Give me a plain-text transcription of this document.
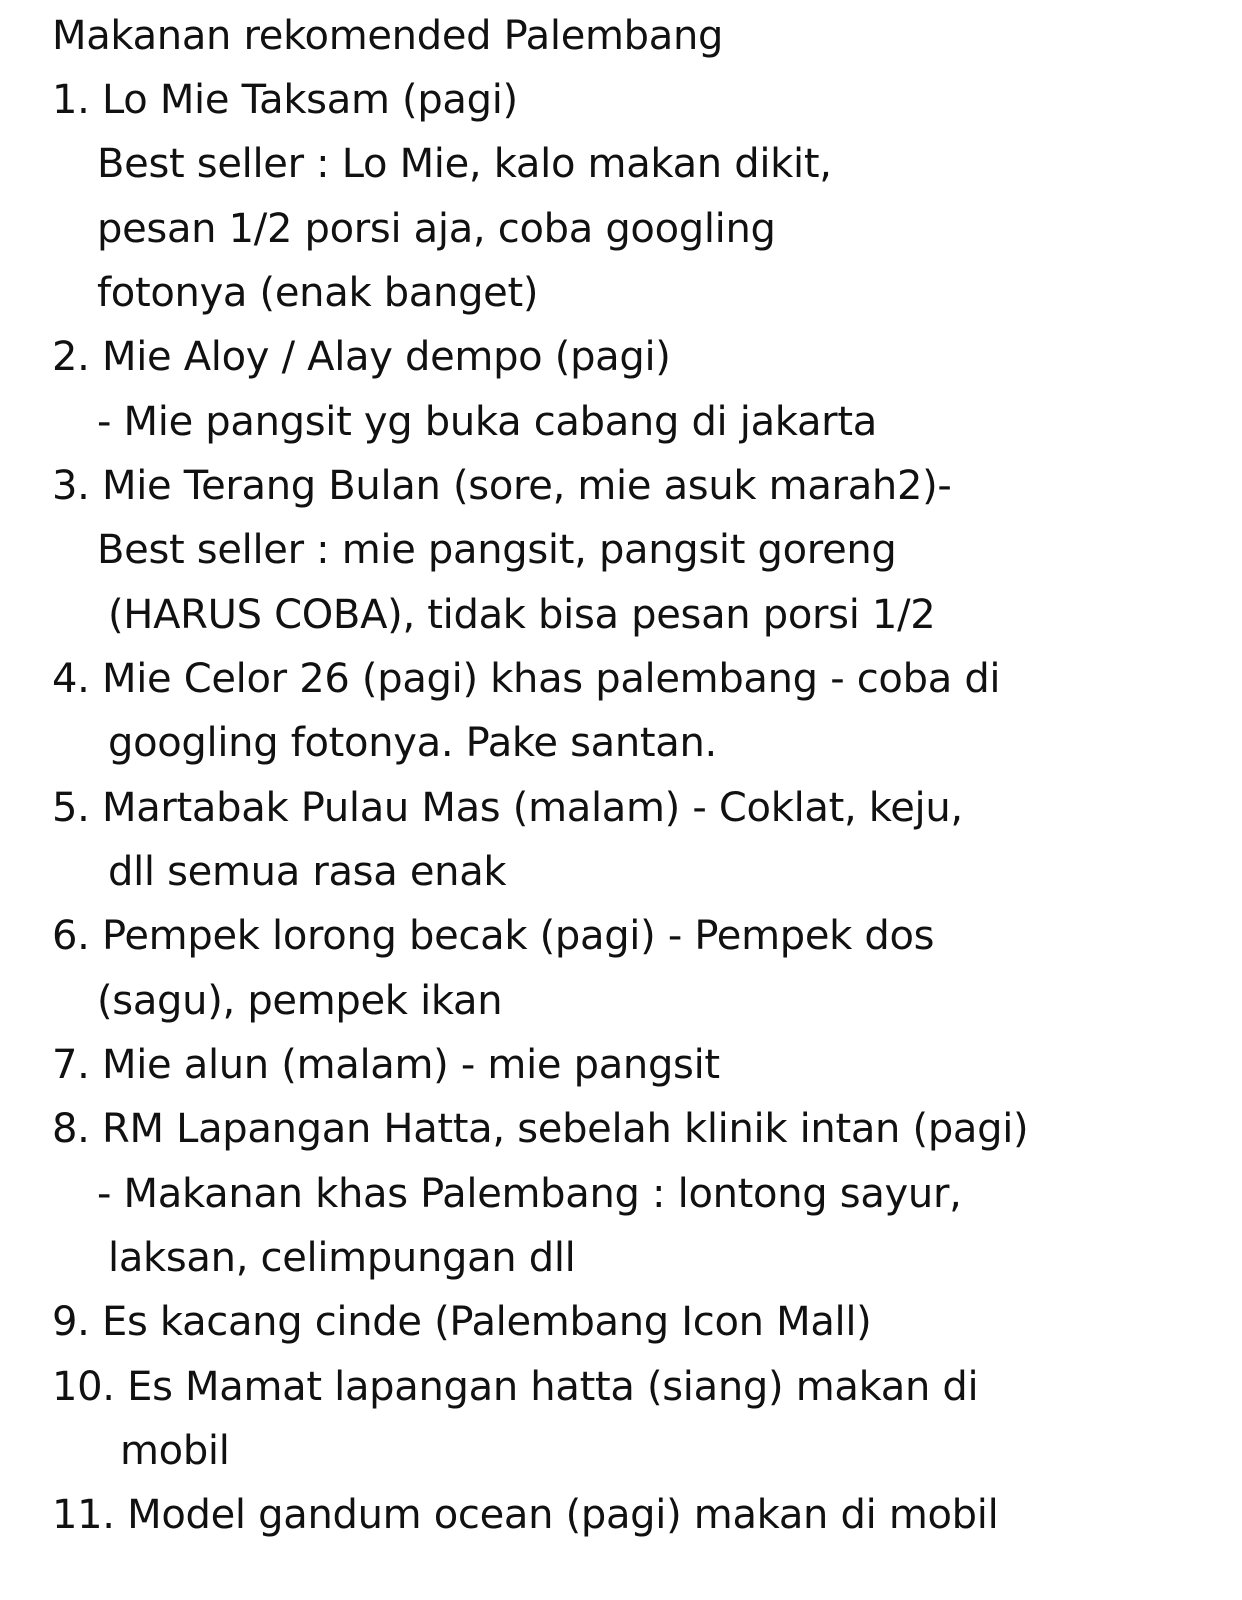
Makanan rekomended Palembang
1. Lo Mie Taksam (pagi)
Best seller : Lo Mie, kalo makan dikit,
pesan 1/2 porsi aja, coba googling
fotonya (enak banget)
2. Mie Aloy / Alay dempo (pagi)
- Mie pangsit yg buka cabang di jakarta
3. Mie Terang Bulan (sore, mie asuk marah2)-
Best seller : mie pangsit, pangsit goreng
(HARUS COBA), tidak bisa pesan porsi 1/2
4. Mie Celor 26 (pagi) khas palembang - coba di
googling fotonya. Pake santan.
5. Martabak Pulau Mas (malam) - Coklat, keju,
dll semua rasa enak
6. Pempek lorong becak (pagi) - Pempek dos
(sagu), pempek ikan
7. Mie alun (malam) - mie pangsit
8. RM Lapangan Hatta, sebelah klinik intan (pagi)
- Makanan khas Palembang : lontong sayur,
laksan, celimpungan dll
9. Es kacang cinde (Palembang Icon Mall)
10. Es Mamat lapangan hatta (siang) makan di
mobil
11. Model gandum ocean (pagi) makan di mobil
